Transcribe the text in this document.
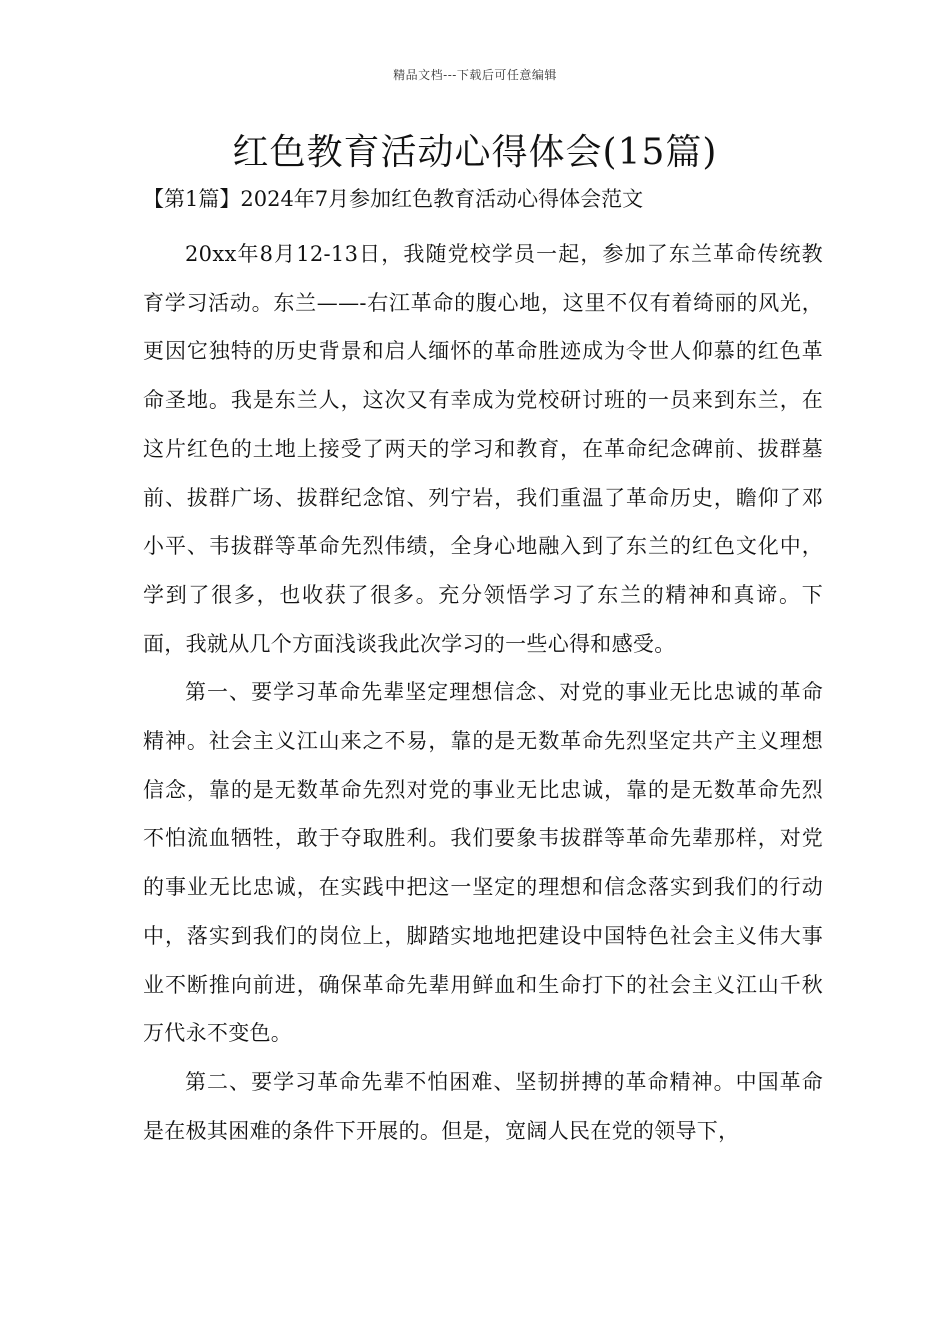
精品文档---下载后可任意编辑
红色教育活动心得体会(15篇)

【第1篇】2024年7月参加红色教育活动心得体会范文

20xx年8月12-13日，我随党校学员一起，参加了东兰革命传统教育学习活动。东兰——-右江革命的腹心地，这里不仅有着绮丽的风光，更因它独特的历史背景和启人缅怀的革命胜迹成为令世人仰慕的红色革命圣地。我是东兰人，这次又有幸成为党校研讨班的一员来到东兰，在这片红色的土地上接受了两天的学习和教育，在革命纪念碑前、拔群墓前、拔群广场、拔群纪念馆、列宁岩，我们重温了革命历史，瞻仰了邓小平、韦拔群等革命先烈伟绩，全身心地融入到了东兰的红色文化中，学到了很多，也收获了很多。充分领悟学习了东兰的精神和真谛。下面，我就从几个方面浅谈我此次学习的一些心得和感受。

第一、要学习革命先辈坚定理想信念、对党的事业无比忠诚的革命精神。社会主义江山来之不易，靠的是无数革命先烈坚定共产主义理想信念，靠的是无数革命先烈对党的事业无比忠诚，靠的是无数革命先烈不怕流血牺牲，敢于夺取胜利。我们要象韦拔群等革命先辈那样，对党的事业无比忠诚，在实践中把这一坚定的理想和信念落实到我们的行动中，落实到我们的岗位上，脚踏实地地把建设中国特色社会主义伟大事业不断推向前进，确保革命先辈用鲜血和生命打下的社会主义江山千秋万代永不变色。

第二、要学习革命先辈不怕困难、坚韧拼搏的革命精神。中国革命是在极其困难的条件下开展的。但是，宽阔人民在党的领导下，
